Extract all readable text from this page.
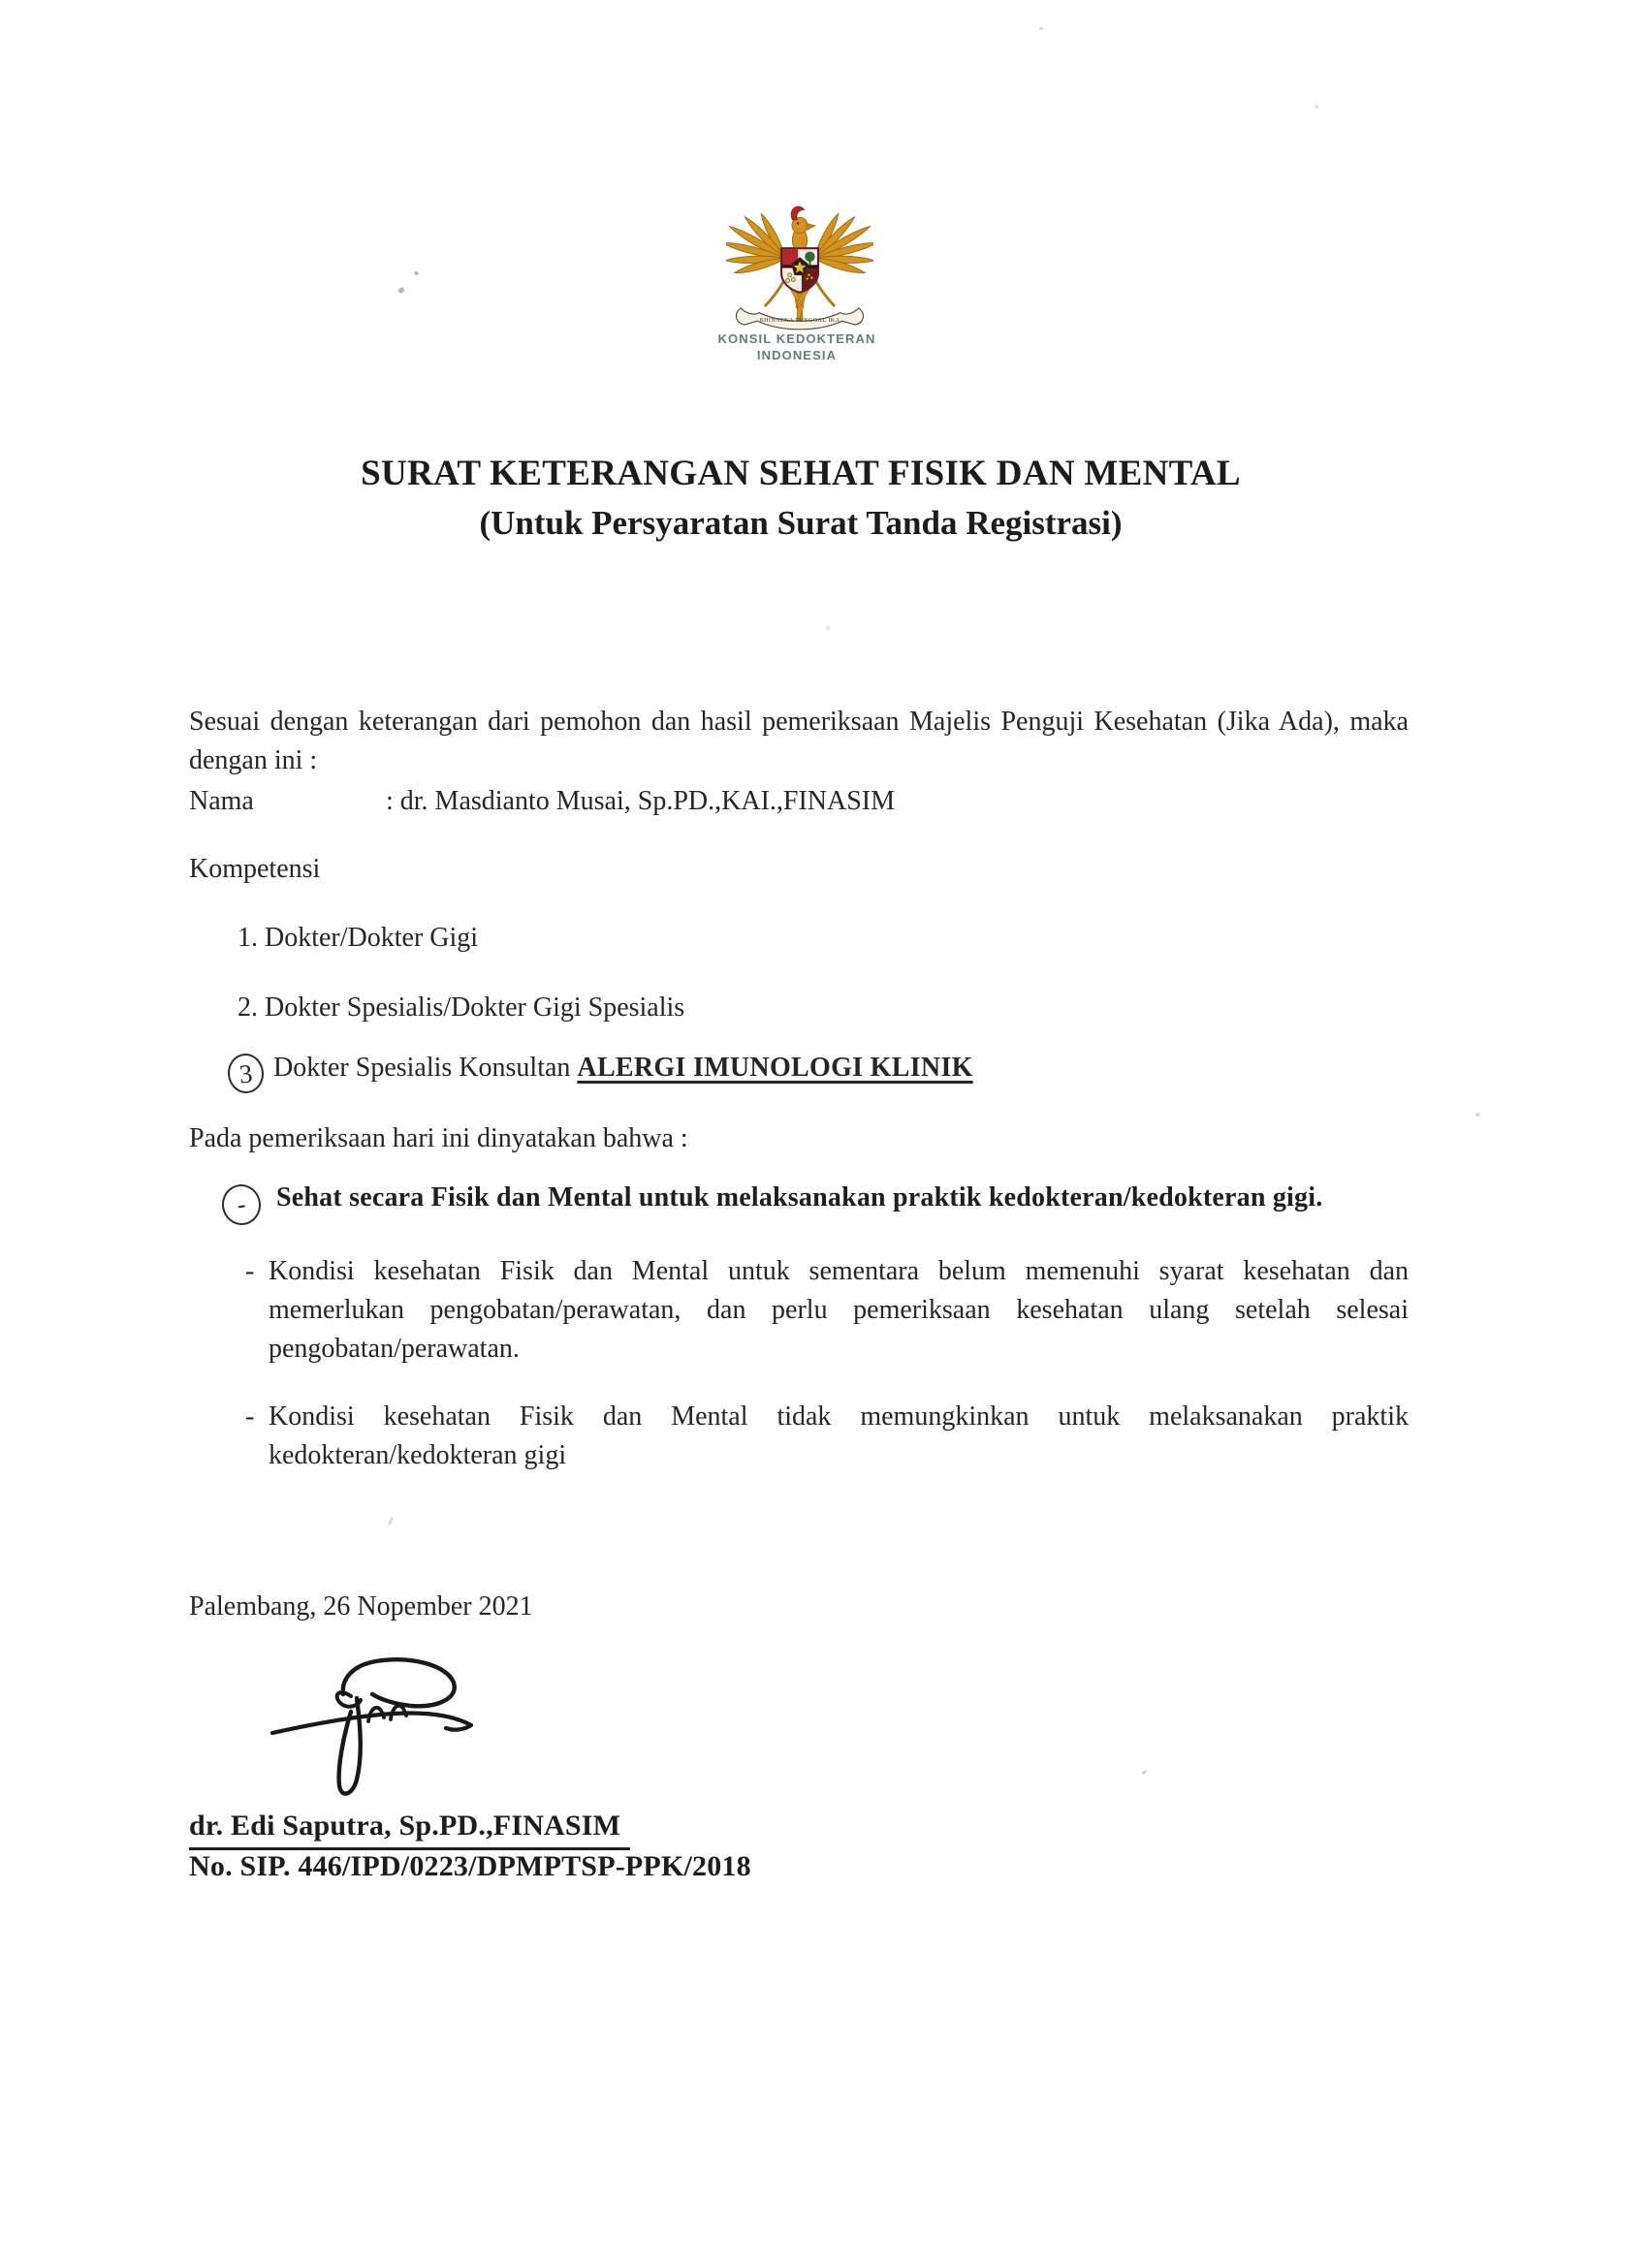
BHINNEKA TUNGGAL IKA
KONSIL KEDOKTERAN
INDONESIA
SURAT KETERANGAN SEHAT FISIK DAN MENTAL
(Untuk Persyaratan Surat Tanda Registrasi)

Sesuai dengan keterangan dari pemohon dan hasil pemeriksaan Majelis Penguji Kesehatan (Jika Ada), maka dengan ini :

Nama	: dr. Masdianto Musai, Sp.PD.,KAI.,FINASIM
Kompetensi
1. Dokter/Dokter Gigi
2. Dokter Spesialis/Dokter Gigi Spesialis
3 Dokter Spesialis Konsultan ALERGI IMUNOLOGI KLINIK
Pada pemeriksaan hari ini dinyatakan bahwa :
-	Sehat secara Fisik dan Mental untuk melaksanakan praktik kedokteran/kedokteran gigi.

- Kondisi kesehatan Fisik dan Mental untuk sementara belum memenuhi syarat kesehatan dan memerlukan pengobatan/perawatan, dan perlu pemeriksaan kesehatan ulang setelah selesai pengobatan/perawatan.

- Kondisi kesehatan Fisik dan Mental tidak memungkinkan untuk melaksanakan praktik kedokteran/kedokteran gigi

Palembang, 26 Nopember 2021
dr. Edi Saputra, Sp.PD.,FINASIM
No. SIP. 446/IPD/0223/DPMPTSP-PPK/2018
